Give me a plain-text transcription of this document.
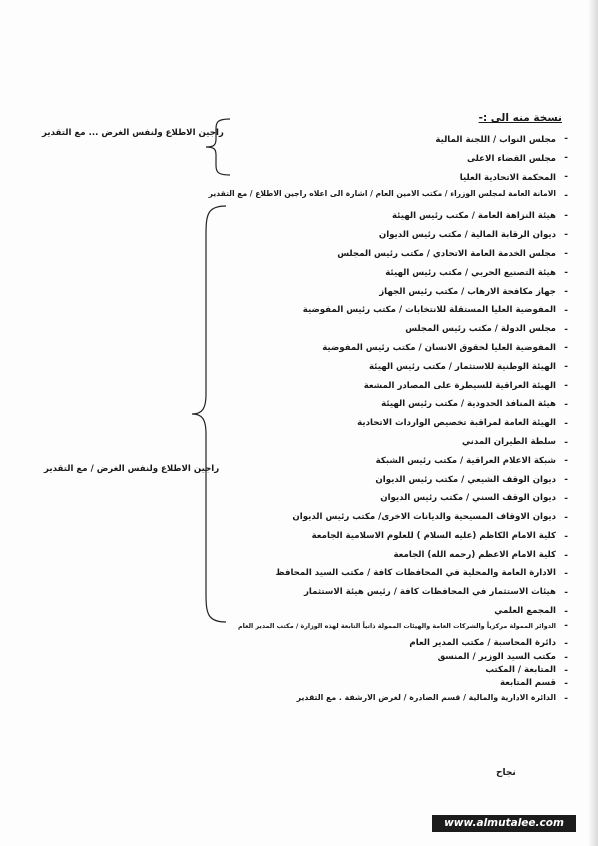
نسخة منه الى :-
راجين الاطلاع ولنفس الغرض ... مع التقدير
راجين الاطلاع ولنفس الغرض / مع التقدير
-
مجلس النواب / اللجنة المالية
-
مجلس القضاء الاعلى
-
المحكمة الاتحادية العليا
-
الامانة العامة لمجلس الوزراء / مكتب الامين العام / اشارة الى اعلاه راجين الاطلاع / مع التقدير
-
هيئة النزاهة العامة / مكتب رئيس الهيئة
-
ديوان الرقابة المالية / مكتب رئيس الديوان
-
مجلس الخدمة العامة الاتحادي / مكتب رئيس المجلس
-
هيئة التصنيع الحربي / مكتب رئيس الهيئة
-
جهاز مكافحة الارهاب / مكتب رئيس الجهاز
-
المفوضية العليا المستقلة للانتخابات / مكتب رئيس المفوضية
-
مجلس الدولة / مكتب رئيس المجلس
-
المفوضية العليا لحقوق الانسان / مكتب رئيس المفوضية
-
الهيئة الوطنية للاستثمار / مكتب رئيس الهيئة
-
الهيئة العراقية للسيطرة على المصادر المشعة
-
هيئة المنافذ الحدودية / مكتب رئيس الهيئة
-
الهيئة العامة لمراقبة تخصيص الواردات الاتحادية
-
سلطة الطيران المدني
-
شبكة الاعلام العراقية / مكتب رئيس الشبكة
-
ديوان الوقف الشيعي / مكتب رئيس الديوان
-
ديوان الوقف السني / مكتب رئيس الديوان
-
ديوان الاوقاف المسيحية والديانات الاخرى/ مكتب رئيس الديوان
-
كلية الامام الكاظم (عليه السلام ) للعلوم الاسلامية الجامعة
-
كلية الامام الاعظم (رحمه الله) الجامعة
-
الادارة العامة والمحلية في المحافظات كافة / مكتب السيد المحافظ
-
هيئات الاستثمار في المحافظات كافة / رئيس هيئة الاستثمار
-
المجمع العلمي
-
الدوائر الممولة مركزياً والشركات العامة والهيئات الممولة ذاتياً التابعة لهذه الوزارة / مكتب المدير العام
-
دائرة المحاسبة / مكتب المدير العام
-
مكتب السيد الوزير / المنسق
-
المتابعة / المكتب
-
قسم المتابعة
-
الدائرة الادارية والمالية / قسم الصادرة / لغرض الارشفة . مع التقدير
نجاح
www.almutalee.com
